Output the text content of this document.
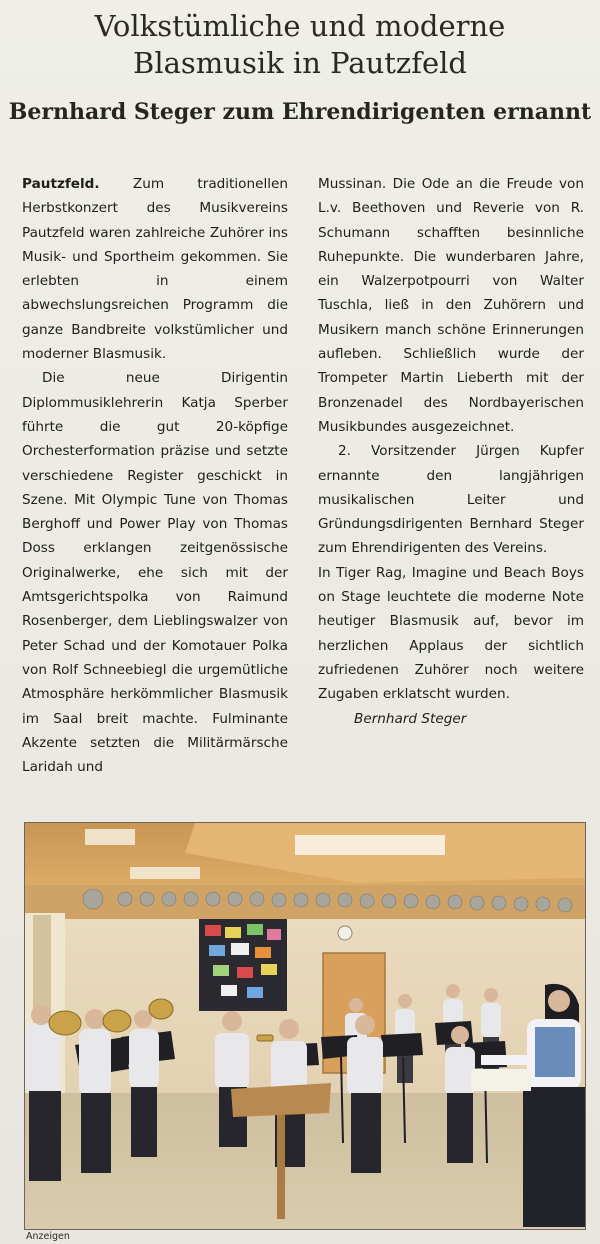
Volkstümliche und moderne
Blasmusik in Pautzfeld
Bernhard Steger zum Ehrendirigenten ernannt

Pautzfeld. Zum traditionellen Herbstkonzert des Musikvereins Pautzfeld waren zahlreiche Zuhörer ins Musik- und Sportheim gekommen. Sie erlebten in einem abwechslungsreichen Programm die ganze Bandbreite volkstümlicher und moderner Blasmusik.

Die neue Dirigentin Diplommusiklehrerin Katja Sperber führte die gut 20-köpfige Orchesterformation präzise und setzte verschiedene Register geschickt in Szene. Mit Olympic Tune von Thomas Berghoff und Power Play von Thomas Doss erklangen zeitgenössische Originalwerke, ehe sich mit der Amtsgerichtspolka von Raimund Rosenberger, dem Lieblingswalzer von Peter Schad und der Komotauer Polka von Rolf Schneebiegl die urgemütliche Atmosphäre herkömmlicher Blasmusik im Saal breit machte. Fulminante Akzente setzten die Militärmärsche Laridah und

Mussinan. Die Ode an die Freude von L.v. Beethoven und Reverie von R. Schumann schafften besinnliche Ruhepunkte. Die wunderbaren Jahre, ein Walzerpotpourri von Walter Tuschla, ließ in den Zuhörern und Musikern manch schöne Erinnerungen aufleben. Schließlich wurde der Trompeter Martin Lieberth mit der Bronzenadel des Nordbayerischen Musikbundes ausgezeichnet.

2. Vorsitzender Jürgen Kupfer ernannte den langjährigen musikalischen Leiter und Gründungsdirigenten Bernhard Steger zum Ehrendirigenten des Vereins.

In Tiger Rag, Imagine und Beach Boys on Stage leuchtete die moderne Note heutiger Blasmusik auf, bevor im herzlichen Applaus der sichtlich zufriedenen Zuhörer noch weitere Zugaben erklatscht wurden.
Bernhard Steger

Anzeigen
